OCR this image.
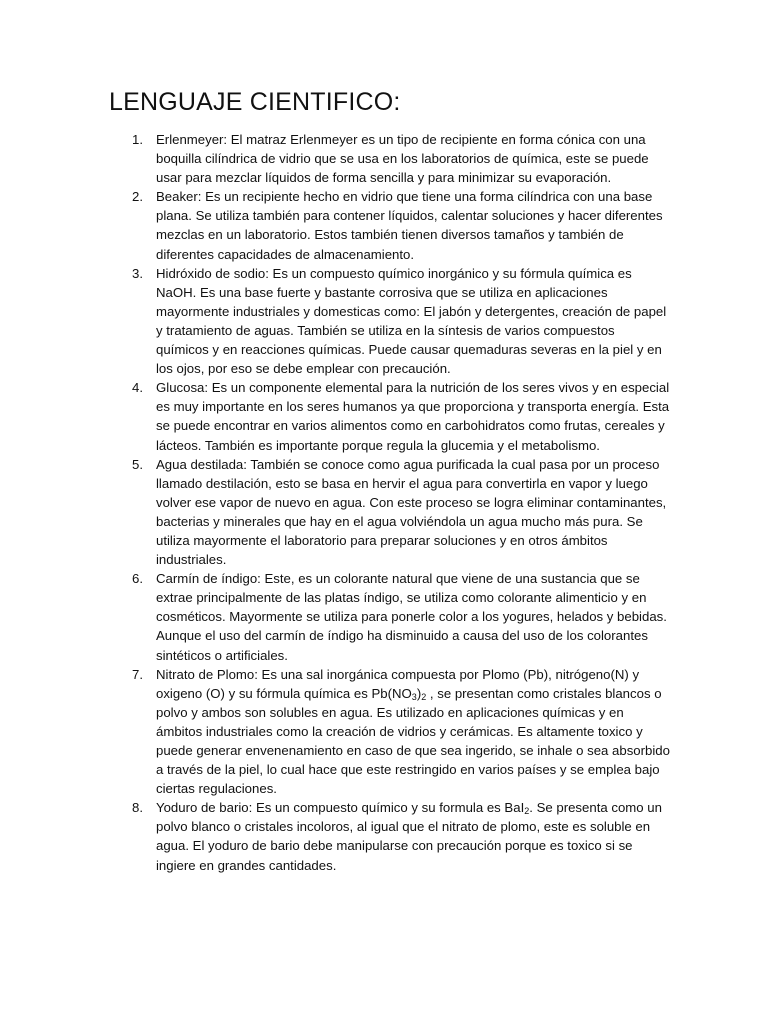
LENGUAJE CIENTIFICO:
1. Erlenmeyer: El matraz Erlenmeyer es un tipo de recipiente en forma cónica con una boquilla cilíndrica de vidrio que se usa en los laboratorios de química, este se puede usar para mezclar líquidos de forma sencilla y para minimizar su evaporación.
2. Beaker: Es un recipiente hecho en vidrio que tiene una forma cilíndrica con una base plana. Se utiliza también para contener líquidos, calentar soluciones y hacer diferentes mezclas en un laboratorio. Estos también tienen diversos tamaños y también de diferentes capacidades de almacenamiento.
3. Hidróxido de sodio: Es un compuesto químico inorgánico y su fórmula química es NaOH. Es una base fuerte y bastante corrosiva que se utiliza en aplicaciones mayormente industriales y domesticas como: El jabón y detergentes, creación de papel y tratamiento de aguas. También se utiliza en la síntesis de varios compuestos químicos y en reacciones químicas. Puede causar quemaduras severas en la piel y en los ojos, por eso se debe emplear con precaución.
4. Glucosa: Es un componente elemental para la nutrición de los seres vivos y en especial es muy importante en los seres humanos ya que proporciona y transporta energía. Esta se puede encontrar en varios alimentos como en carbohidratos como frutas, cereales y lácteos. También es importante porque regula la glucemia y el metabolismo.
5. Agua destilada: También se conoce como agua purificada la cual pasa por un proceso llamado destilación, esto se basa en hervir el agua para convertirla en vapor y luego volver ese vapor de nuevo en agua. Con este proceso se logra eliminar contaminantes, bacterias y minerales que hay en el agua volviéndola un agua mucho más pura. Se utiliza mayormente el laboratorio para preparar soluciones y en otros ámbitos industriales.
6. Carmín de índigo: Este, es un colorante natural que viene de una sustancia que se extrae principalmente de las platas índigo, se utiliza como colorante alimenticio y en cosméticos. Mayormente se utiliza para ponerle color a los yogures, helados y bebidas. Aunque el uso del carmín de índigo ha disminuido a causa del uso de los colorantes sintéticos o artificiales.
7. Nitrato de Plomo: Es una sal inorgánica compuesta por Plomo (Pb), nitrógeno(N) y oxigeno (O) y su fórmula química es $Pb(NO_3)_2$ , se presentan como cristales blancos o polvo y ambos son solubles en agua. Es utilizado en aplicaciones químicas y en ámbitos industriales como la creación de vidrios y cerámicas. Es altamente toxico y puede generar envenenamiento en caso de que sea ingerido, se inhale o sea absorbido a través de la piel, lo cual hace que este restringido en varios países y se emplea bajo ciertas regulaciones.
8. Yoduro de bario: Es un compuesto químico y su formula es BaI$_2$. Se presenta como un polvo blanco o cristales incoloros, al igual que el nitrato de plomo, este es soluble en agua. El yoduro de bario debe manipularse con precaución porque es toxico si se ingiere en grandes cantidades.
